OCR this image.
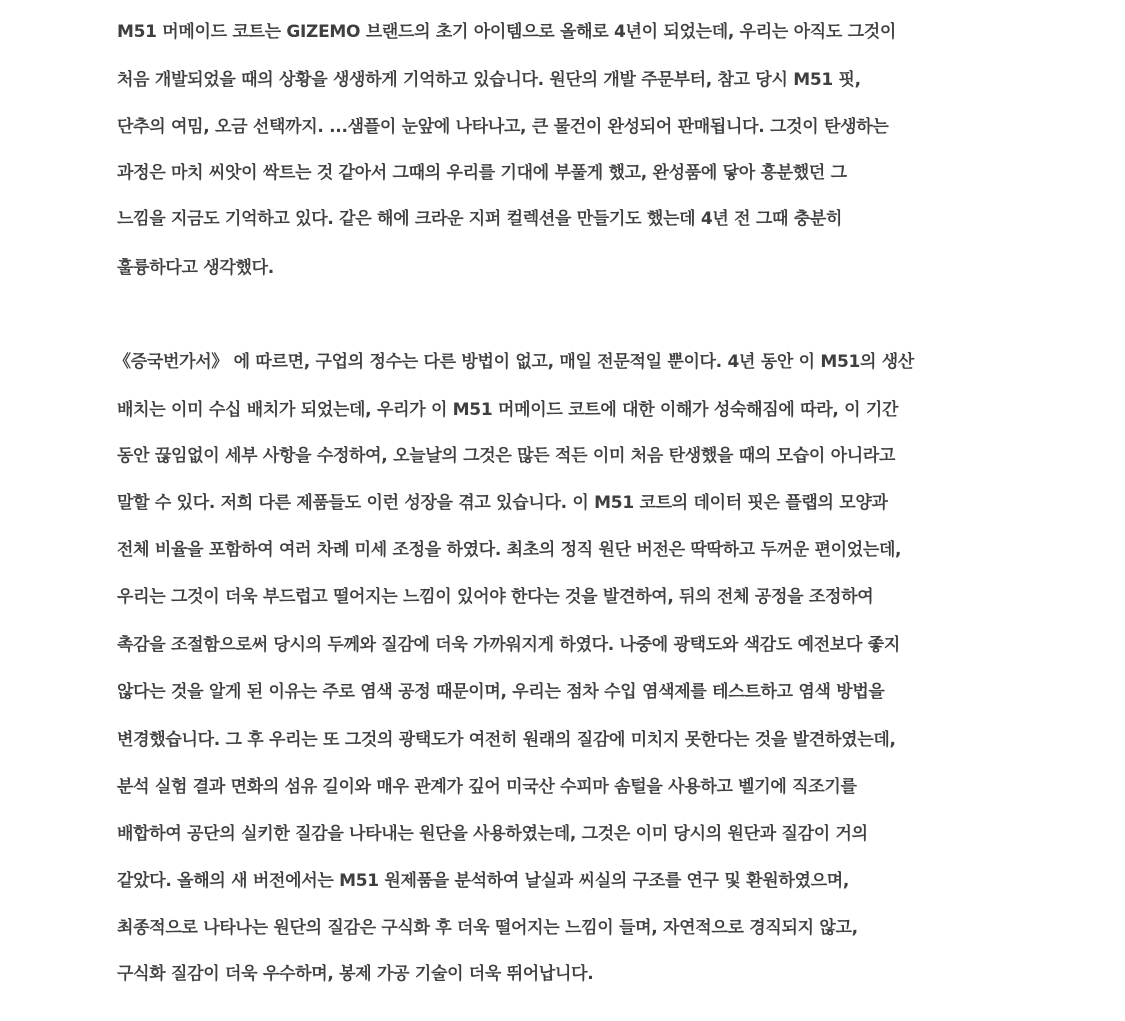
M51 머메이드 코트는 GIZEMO 브랜드의 초기 아이템으로 올해로 4년이 되었는데, 우리는 아직도 그것이
처음 개발되었을 때의 상황을 생생하게 기억하고 있습니다. 원단의 개발 주문부터, 참고 당시 M51 핏,
단추의 여밈, 오금 선택까지. ...샘플이 눈앞에 나타나고, 큰 물건이 완성되어 판매됩니다. 그것이 탄생하는
과정은 마치 씨앗이 싹트는 것 같아서 그때의 우리를 기대에 부풀게 했고, 완성품에 닿아 흥분했던 그
느낌을 지금도 기억하고 있다. 같은 해에 크라운 지퍼 컬렉션을 만들기도 했는데 4년 전 그때 충분히
훌륭하다고 생각했다.
《증국번가서》 에 따르면, 구업의 정수는 다른 방법이 없고, 매일 전문적일 뿐이다. 4년 동안 이 M51의 생산
배치는 이미 수십 배치가 되었는데, 우리가 이 M51 머메이드 코트에 대한 이해가 성숙해짐에 따라, 이 기간
동안 끊임없이 세부 사항을 수정하여, 오늘날의 그것은 많든 적든 이미 처음 탄생했을 때의 모습이 아니라고
말할 수 있다. 저희 다른 제품들도 이런 성장을 겪고 있습니다. 이 M51 코트의 데이터 핏은 플랩의 모양과
전체 비율을 포함하여 여러 차례 미세 조정을 하였다. 최초의 정직 원단 버전은 딱딱하고 두꺼운 편이었는데,
우리는 그것이 더욱 부드럽고 떨어지는 느낌이 있어야 한다는 것을 발견하여, 뒤의 전체 공정을 조정하여
촉감을 조절함으로써 당시의 두께와 질감에 더욱 가까워지게 하였다. 나중에 광택도와 색감도 예전보다 좋지
않다는 것을 알게 된 이유는 주로 염색 공정 때문이며, 우리는 점차 수입 염색제를 테스트하고 염색 방법을
변경했습니다. 그 후 우리는 또 그것의 광택도가 여전히 원래의 질감에 미치지 못한다는 것을 발견하였는데,
분석 실험 결과 면화의 섬유 길이와 매우 관계가 깊어 미국산 수피마 솜털을 사용하고 벨기에 직조기를
배합하여 공단의 실키한 질감을 나타내는 원단을 사용하였는데, 그것은 이미 당시의 원단과 질감이 거의
같았다. 올해의 새 버전에서는 M51 원제품을 분석하여 날실과 씨실의 구조를 연구 및 환원하였으며,
최종적으로 나타나는 원단의 질감은 구식화 후 더욱 떨어지는 느낌이 들며, 자연적으로 경직되지 않고,
구식화 질감이 더욱 우수하며, 봉제 가공 기술이 더욱 뛰어납니다.
